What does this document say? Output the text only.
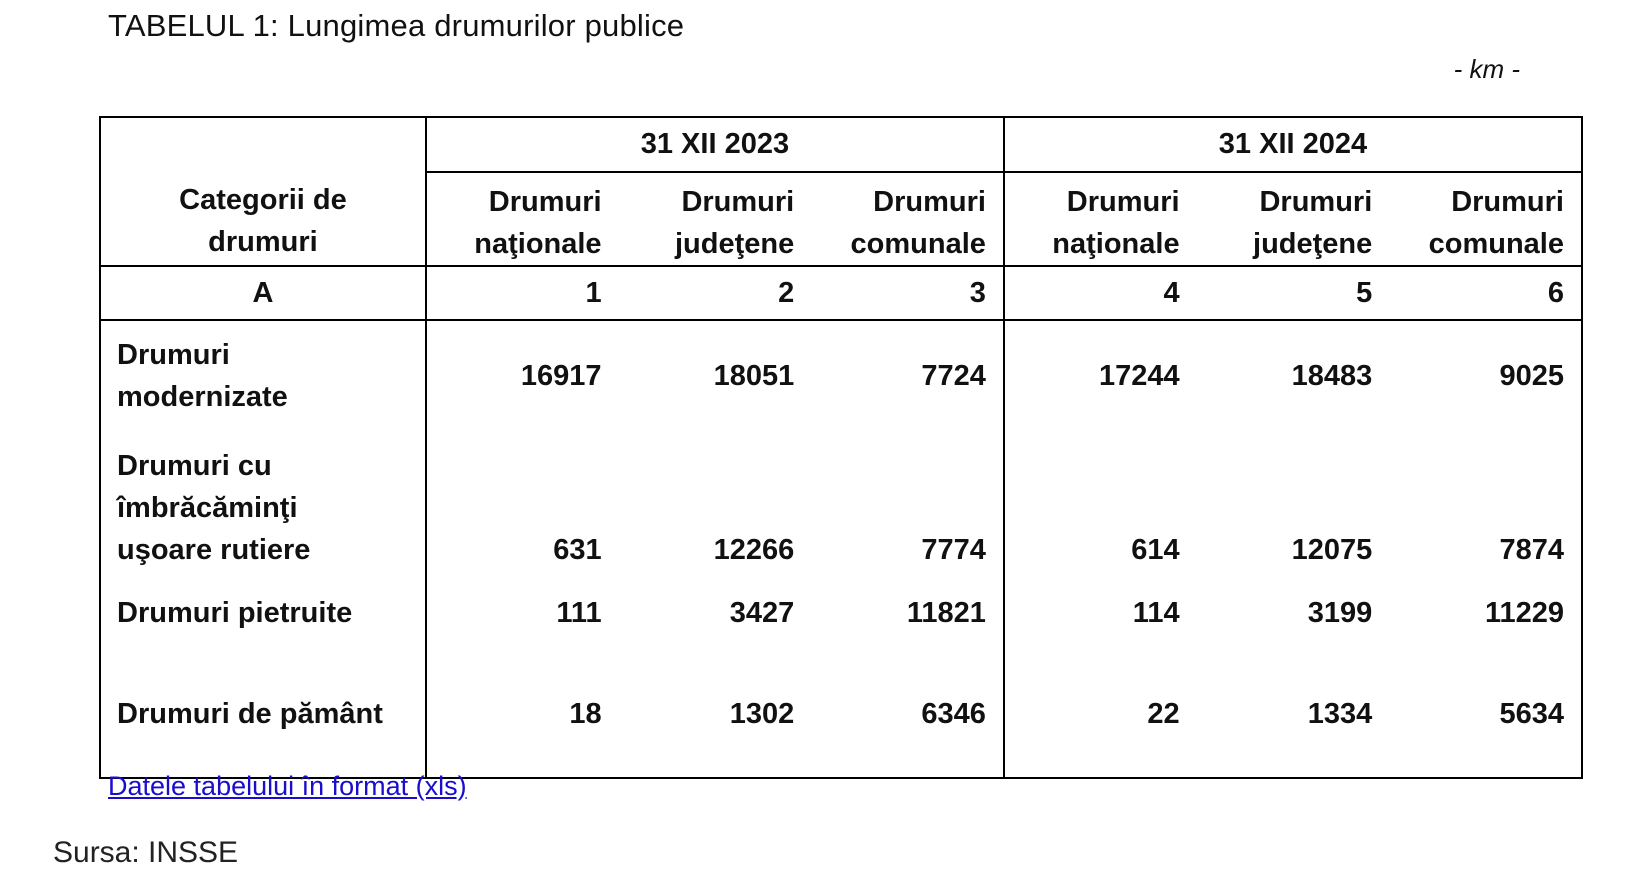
TABELUL 1: Lungimea drumurilor publice
- km -
Categorii de drumuri	31 XII 2023			31 XII 2024		

	Drumuri naţionale	Drumuri judeţene	Drumuri comunale	Drumuri naţionale	Drumuri judeţene	Drumuri comunale

A	1	2	3	4	5	6

Drumuri modernizate	16917	18051	7724	17244	18483	9025

Drumuri cu îmbrăcăminţi uşoare rutiere	631	12266	7774	614	12075	7874
Drumuri pietruite	111	3427	11821	114	3199	11229
Drumuri de pământ	18	1302	6346	22	1334	5634
Datele tabelului în format (xls)
Sursa: INSSE
